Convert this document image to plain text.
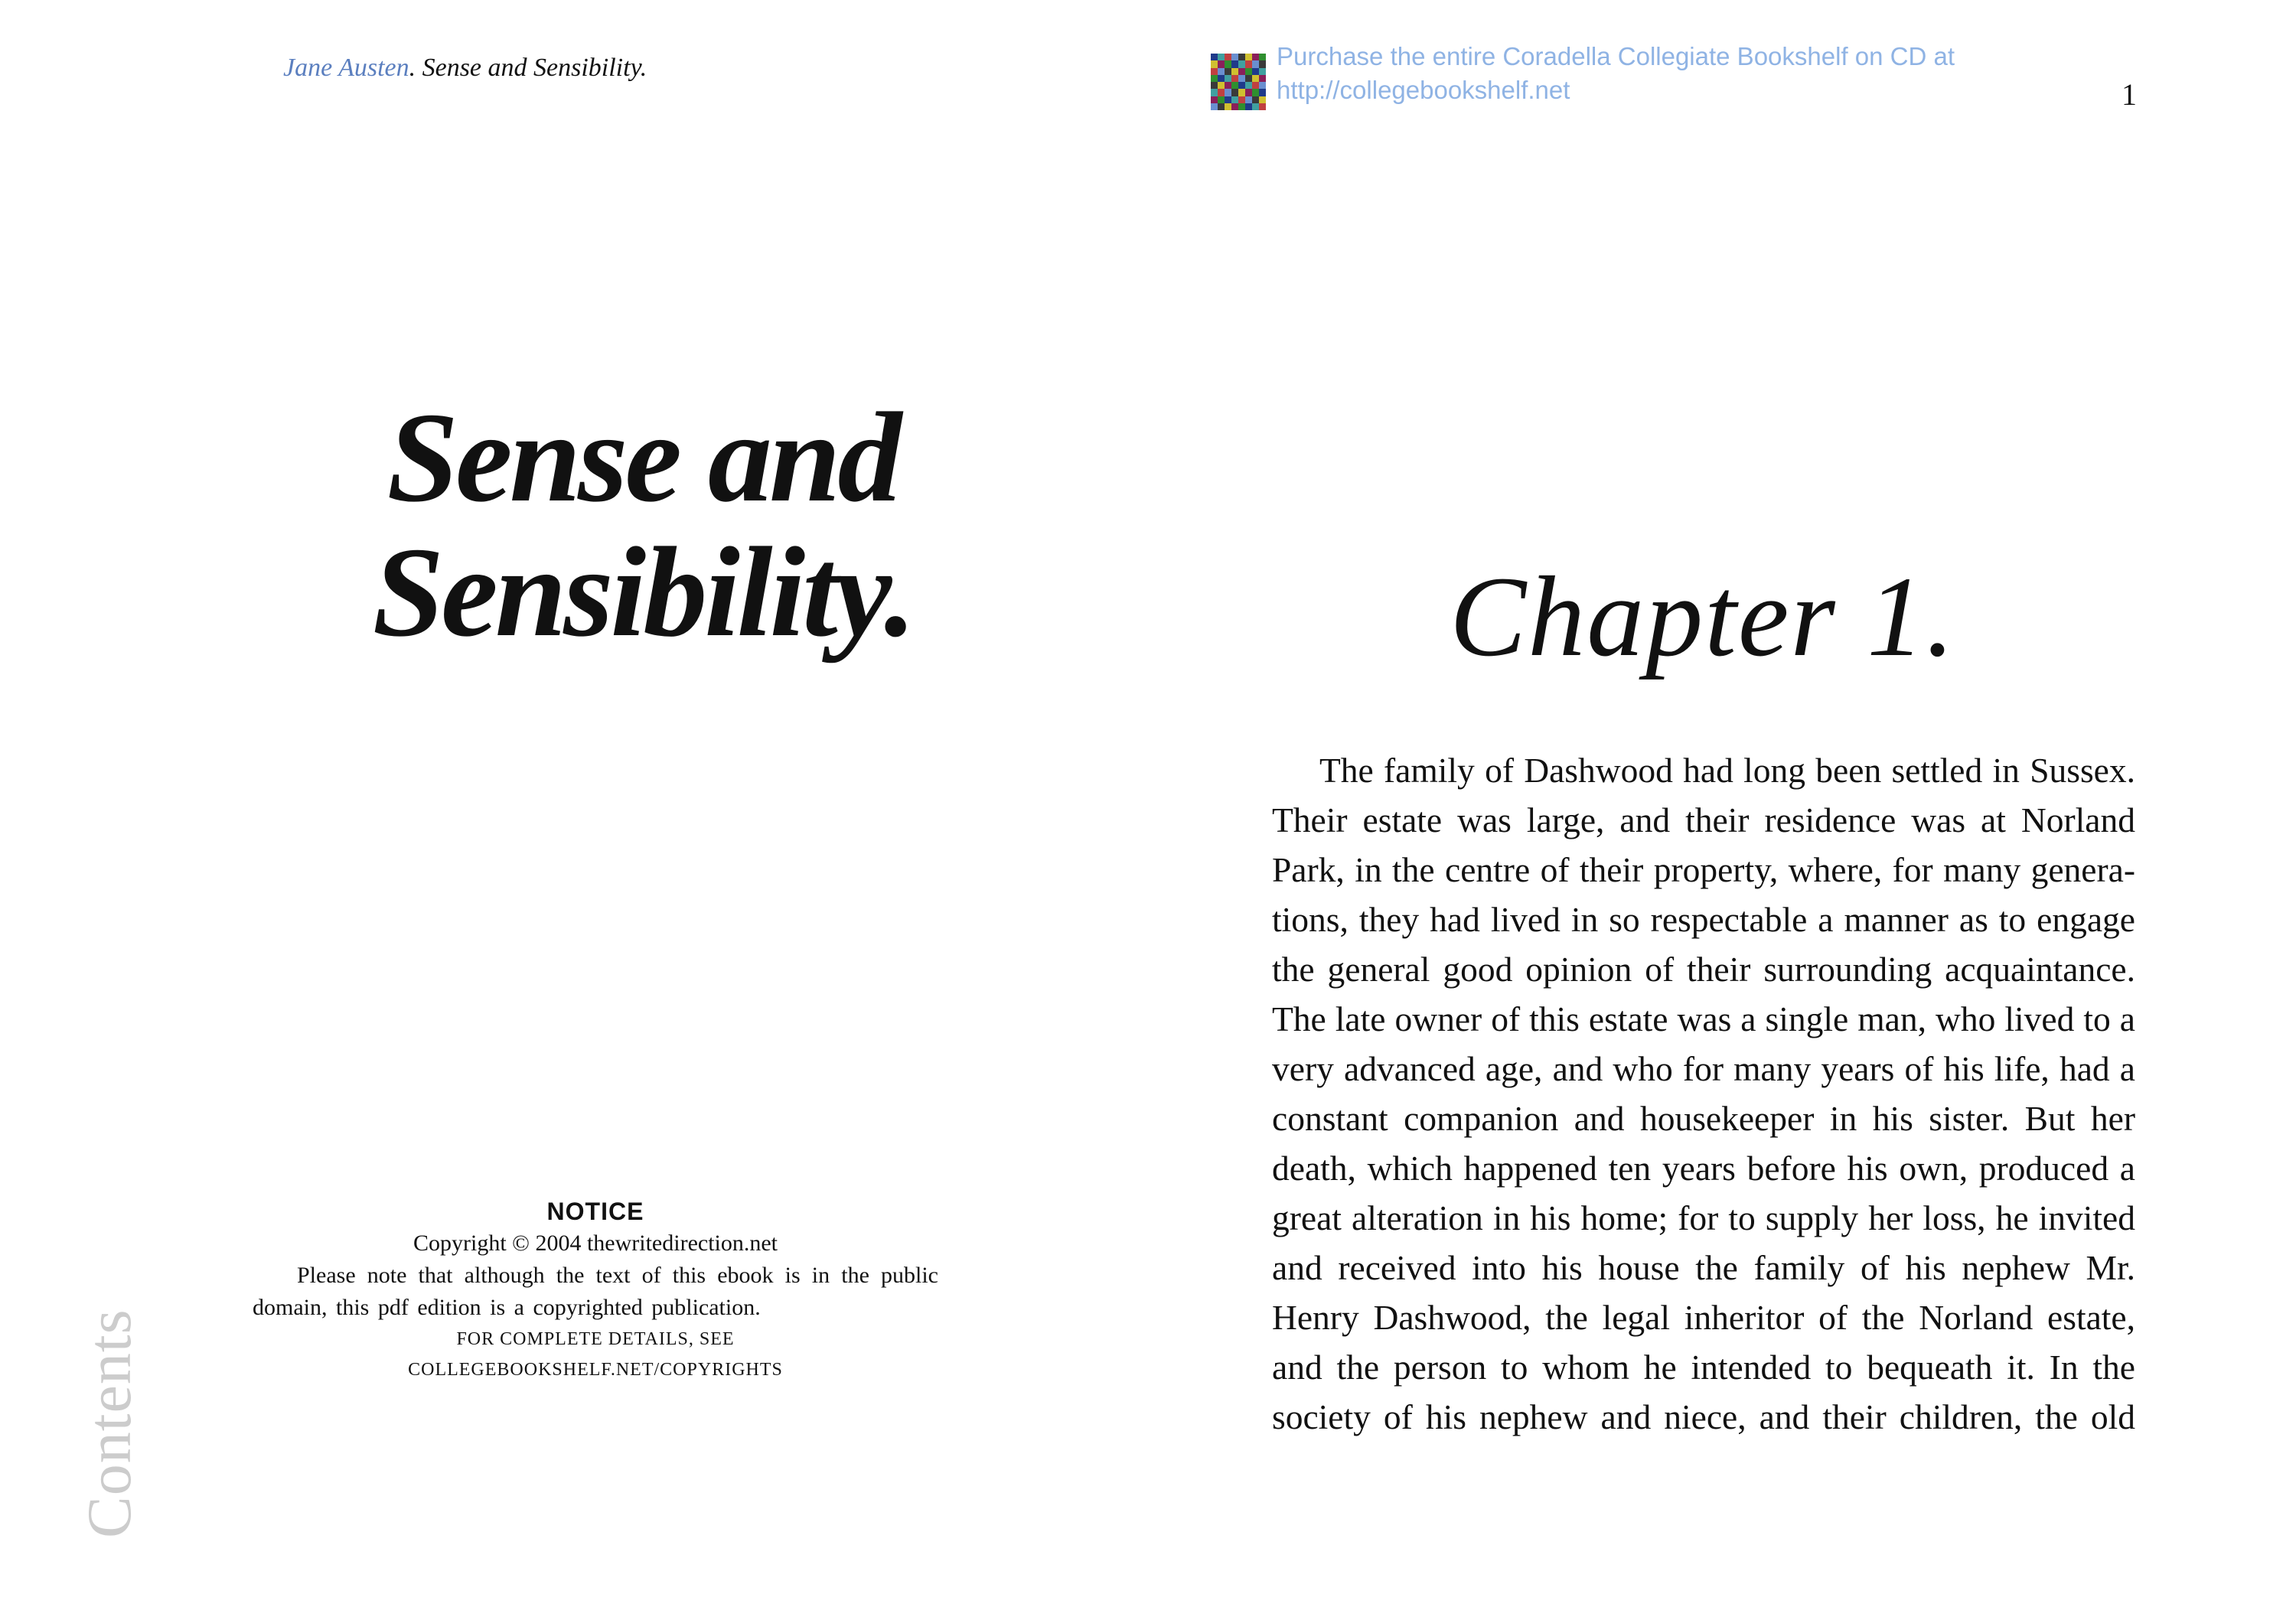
Jane Austen. Sense and Sensibility.	Purchase the entire Coradella Collegiate Bookshelf on CD at
http://collegebookshelf.net	1
Sense and
Sensibility.
NOTICE
Copyright © 2004 thewritedirection.net
Please note that although the text of this ebook is in the public domain, this pdf edition is a copyrighted publication.
FOR COMPLETE DETAILS, SEE
COLLEGEBOOKSHELF.NET/COPYRIGHTS
Contents
Chapter 1.
The family of Dashwood had long been settled in Sussex.
Their estate was large, and their residence was at Norland
Park, in the centre of their property, where, for many genera-
tions, they had lived in so respectable a manner as to engage
the general good opinion of their surrounding acquaintance.
The late owner of this estate was a single man, who lived to a
very advanced age, and who for many years of his life, had a
constant companion and housekeeper in his sister. But her
death, which happened ten years before his own, produced a
great alteration in his home; for to supply her loss, he invited
and received into his house the family of his nephew Mr.
Henry Dashwood, the legal inheritor of the Norland estate,
and the person to whom he intended to bequeath it. In the
society of his nephew and niece, and their children, the old
